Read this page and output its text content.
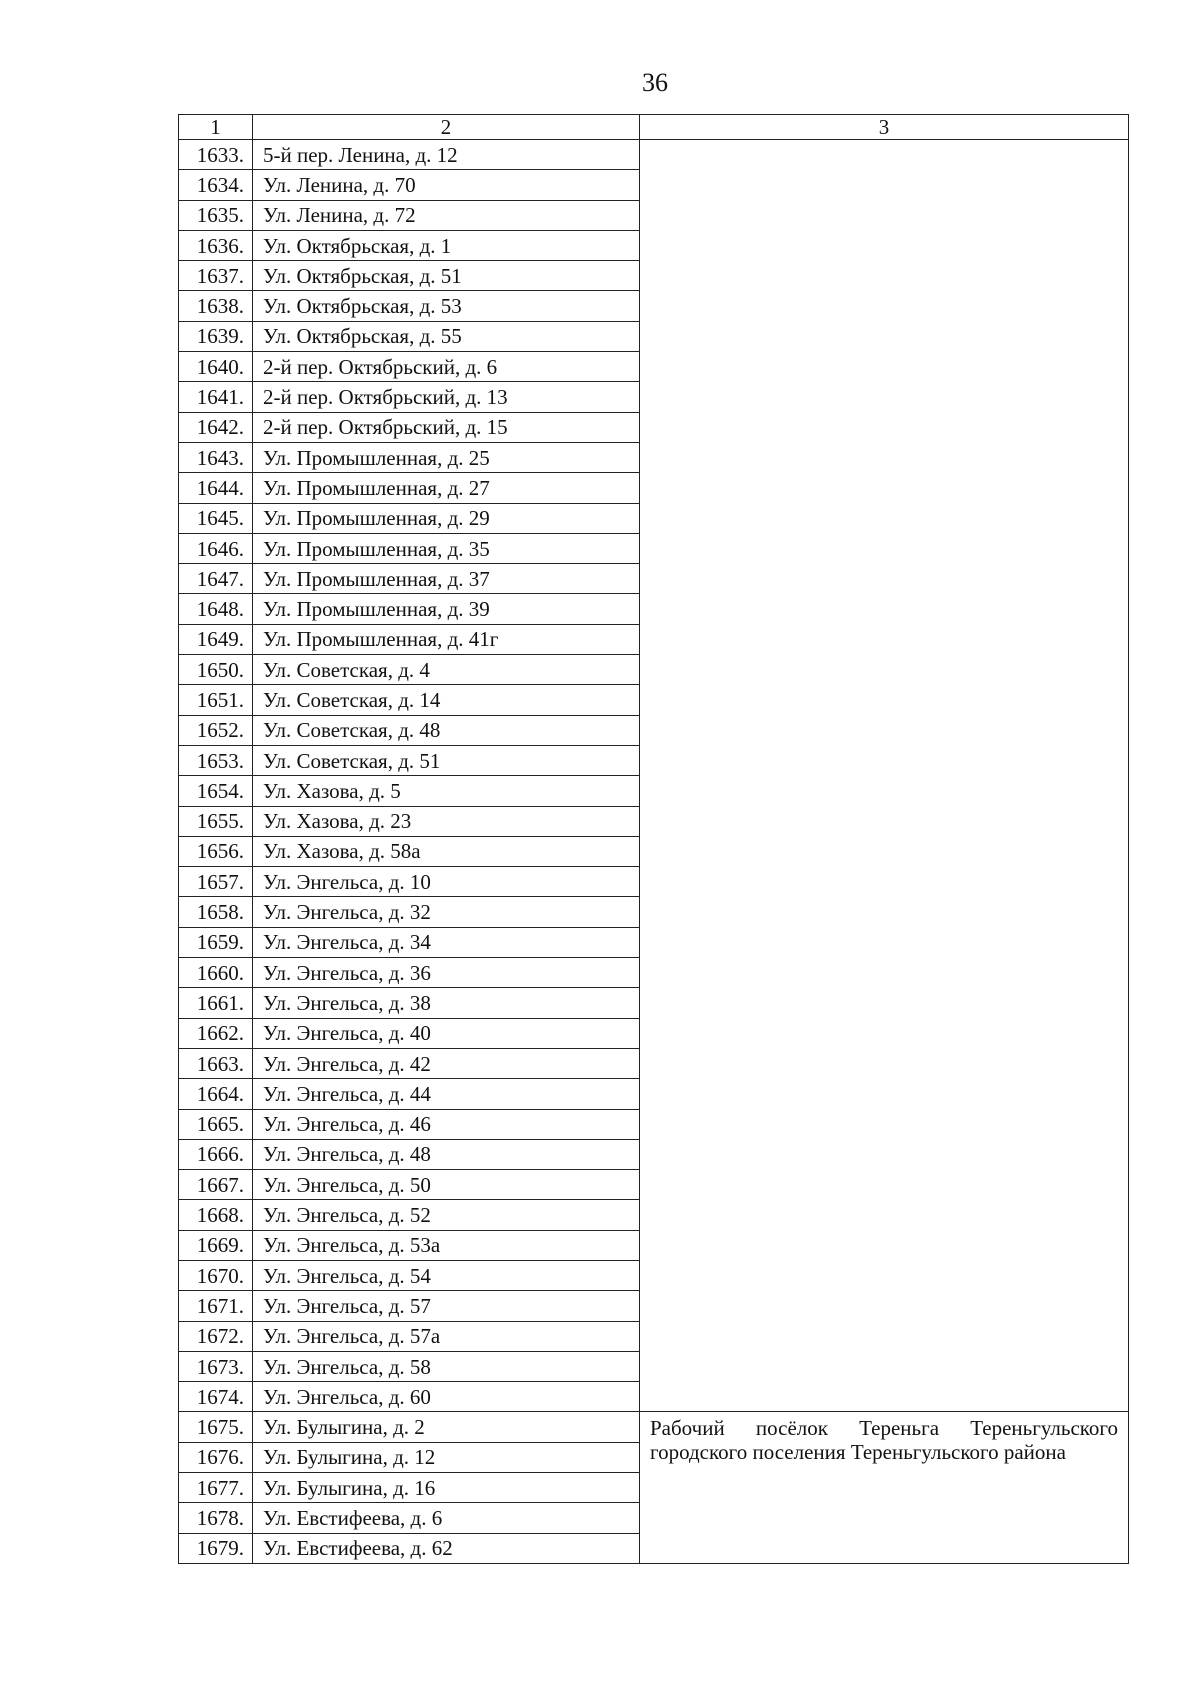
36
1	2	3
1633.	5-й пер. Ленина, д. 12	
1634.	Ул. Ленина, д. 70	
1635.	Ул. Ленина, д. 72	
1636.	Ул. Октябрьская, д. 1	
1637.	Ул. Октябрьская, д. 51	
1638.	Ул. Октябрьская, д. 53	
1639.	Ул. Октябрьская, д. 55	
1640.	2-й пер. Октябрьский, д. 6	
1641.	2-й пер. Октябрьский, д. 13	
1642.	2-й пер. Октябрьский, д. 15	
1643.	Ул. Промышленная, д. 25	
1644.	Ул. Промышленная, д. 27	
1645.	Ул. Промышленная, д. 29	
1646.	Ул. Промышленная, д. 35	
1647.	Ул. Промышленная, д. 37	
1648.	Ул. Промышленная, д. 39	
1649.	Ул. Промышленная, д. 41г	
1650.	Ул. Советская, д. 4	
1651.	Ул. Советская, д. 14	
1652.	Ул. Советская, д. 48	
1653.	Ул. Советская, д. 51	
1654.	Ул. Хазова, д. 5	
1655.	Ул. Хазова, д. 23	
1656.	Ул. Хазова, д. 58а	
1657.	Ул. Энгельса, д. 10	
1658.	Ул. Энгельса, д. 32	
1659.	Ул. Энгельса, д. 34	
1660.	Ул. Энгельса, д. 36	
1661.	Ул. Энгельса, д. 38	
1662.	Ул. Энгельса, д. 40	
1663.	Ул. Энгельса, д. 42	
1664.	Ул. Энгельса, д. 44	
1665.	Ул. Энгельса, д. 46	
1666.	Ул. Энгельса, д. 48	
1667.	Ул. Энгельса, д. 50	
1668.	Ул. Энгельса, д. 52	
1669.	Ул. Энгельса, д. 53а	
1670.	Ул. Энгельса, д. 54	
1671.	Ул. Энгельса, д. 57	
1672.	Ул. Энгельса, д. 57а	
1673.	Ул. Энгельса, д. 58	
1674.	Ул. Энгельса, д. 60	
1675.	Ул. Булыгина, д. 2	Рабочий посёлок Тереньга Тереньгульского городского поселения Тереньгульского района
1676.	Ул. Булыгина, д. 12	
1677.	Ул. Булыгина, д. 16	
1678.	Ул. Евстифеева, д. 6	
1679.	Ул. Евстифеева, д. 62	
